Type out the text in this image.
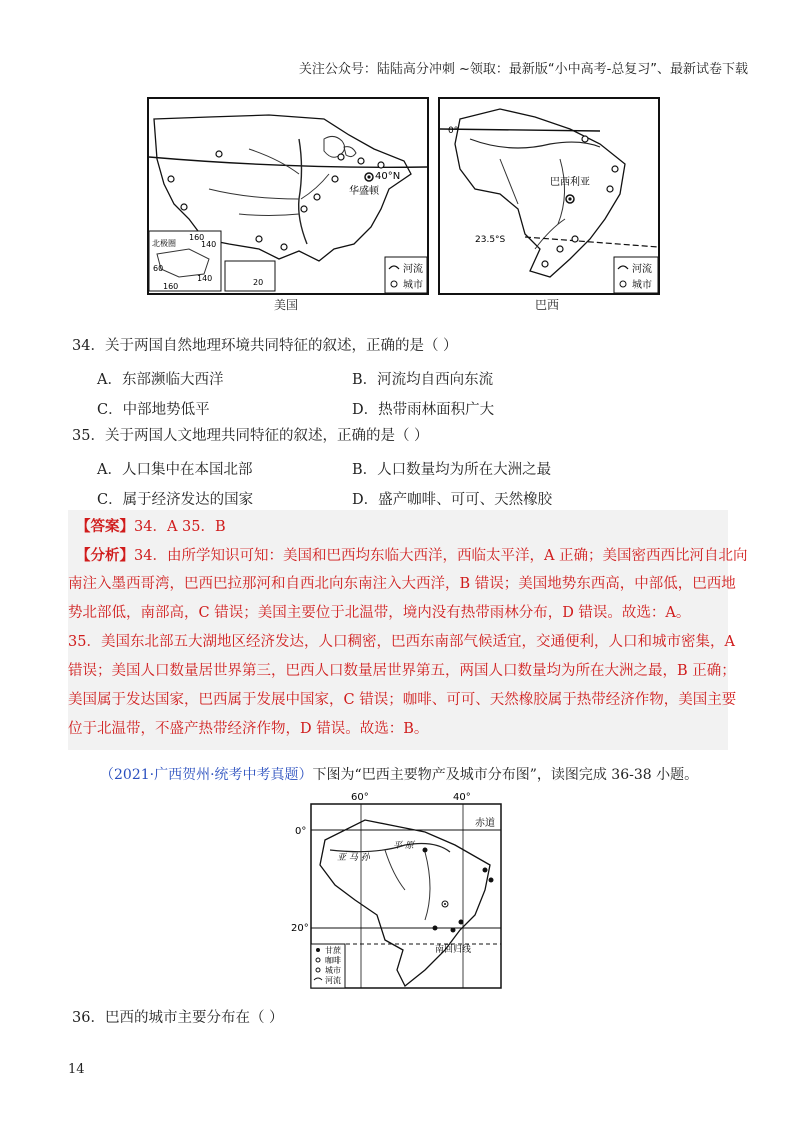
关注公众号：陆陆高分冲刺 ~领取：最新版“小中高考-总复习”、最新试卷下载
40°N
华盛顿
北极圈
160
140
60
140
160	20
河流
城市
美国
0°
23.5°S
巴西利亚
河流
城市
巴西
34．关于两国自然地理环境共同特征的叙述，正确的是（ ）
A．东部濒临大西洋	B．河流均自西向东流
C．中部地势低平	D．热带雨林面积广大
35．关于两国人文地理共同特征的叙述，正确的是（ ）
A．人口集中在本国北部	B．人口数量均为所在大洲之最
C．属于经济发达的国家	D．盛产咖啡、可可、天然橡胶
【答案】34．A 35．B
【分析】34．由所学知识可知：美国和巴西均东临大西洋，西临太平洋，A 正确；美国密西西比河自北向
南注入墨西哥湾，巴西巴拉那河和自西北向东南注入大西洋，B 错误；美国地势东西高，中部低，巴西地
势北部低，南部高，C 错误；美国主要位于北温带，境内没有热带雨林分布，D 错误。故选：A。
35．美国东北部五大湖地区经济发达，人口稠密，巴西东南部气候适宜，交通便利，人口和城市密集，A
错误；美国人口数量居世界第三，巴西人口数量居世界第五，两国人口数量均为所在大洲之最，B 正确；
美国属于发达国家，巴西属于发展中国家，C 错误；咖啡、可可、天然橡胶属于热带经济作物，美国主要
位于北温带，不盛产热带经济作物，D 错误。故选：B。
（2021·广西贺州·统考中考真题）下图为“巴西主要物产及城市分布图”，读图完成 36-38 小题。
60°	40°
0°
20°
赤道
亚 马 孙
平 原
南回归线
甘蔗
咖啡
城市
河流
36．巴西的城市主要分布在（ ）
14
